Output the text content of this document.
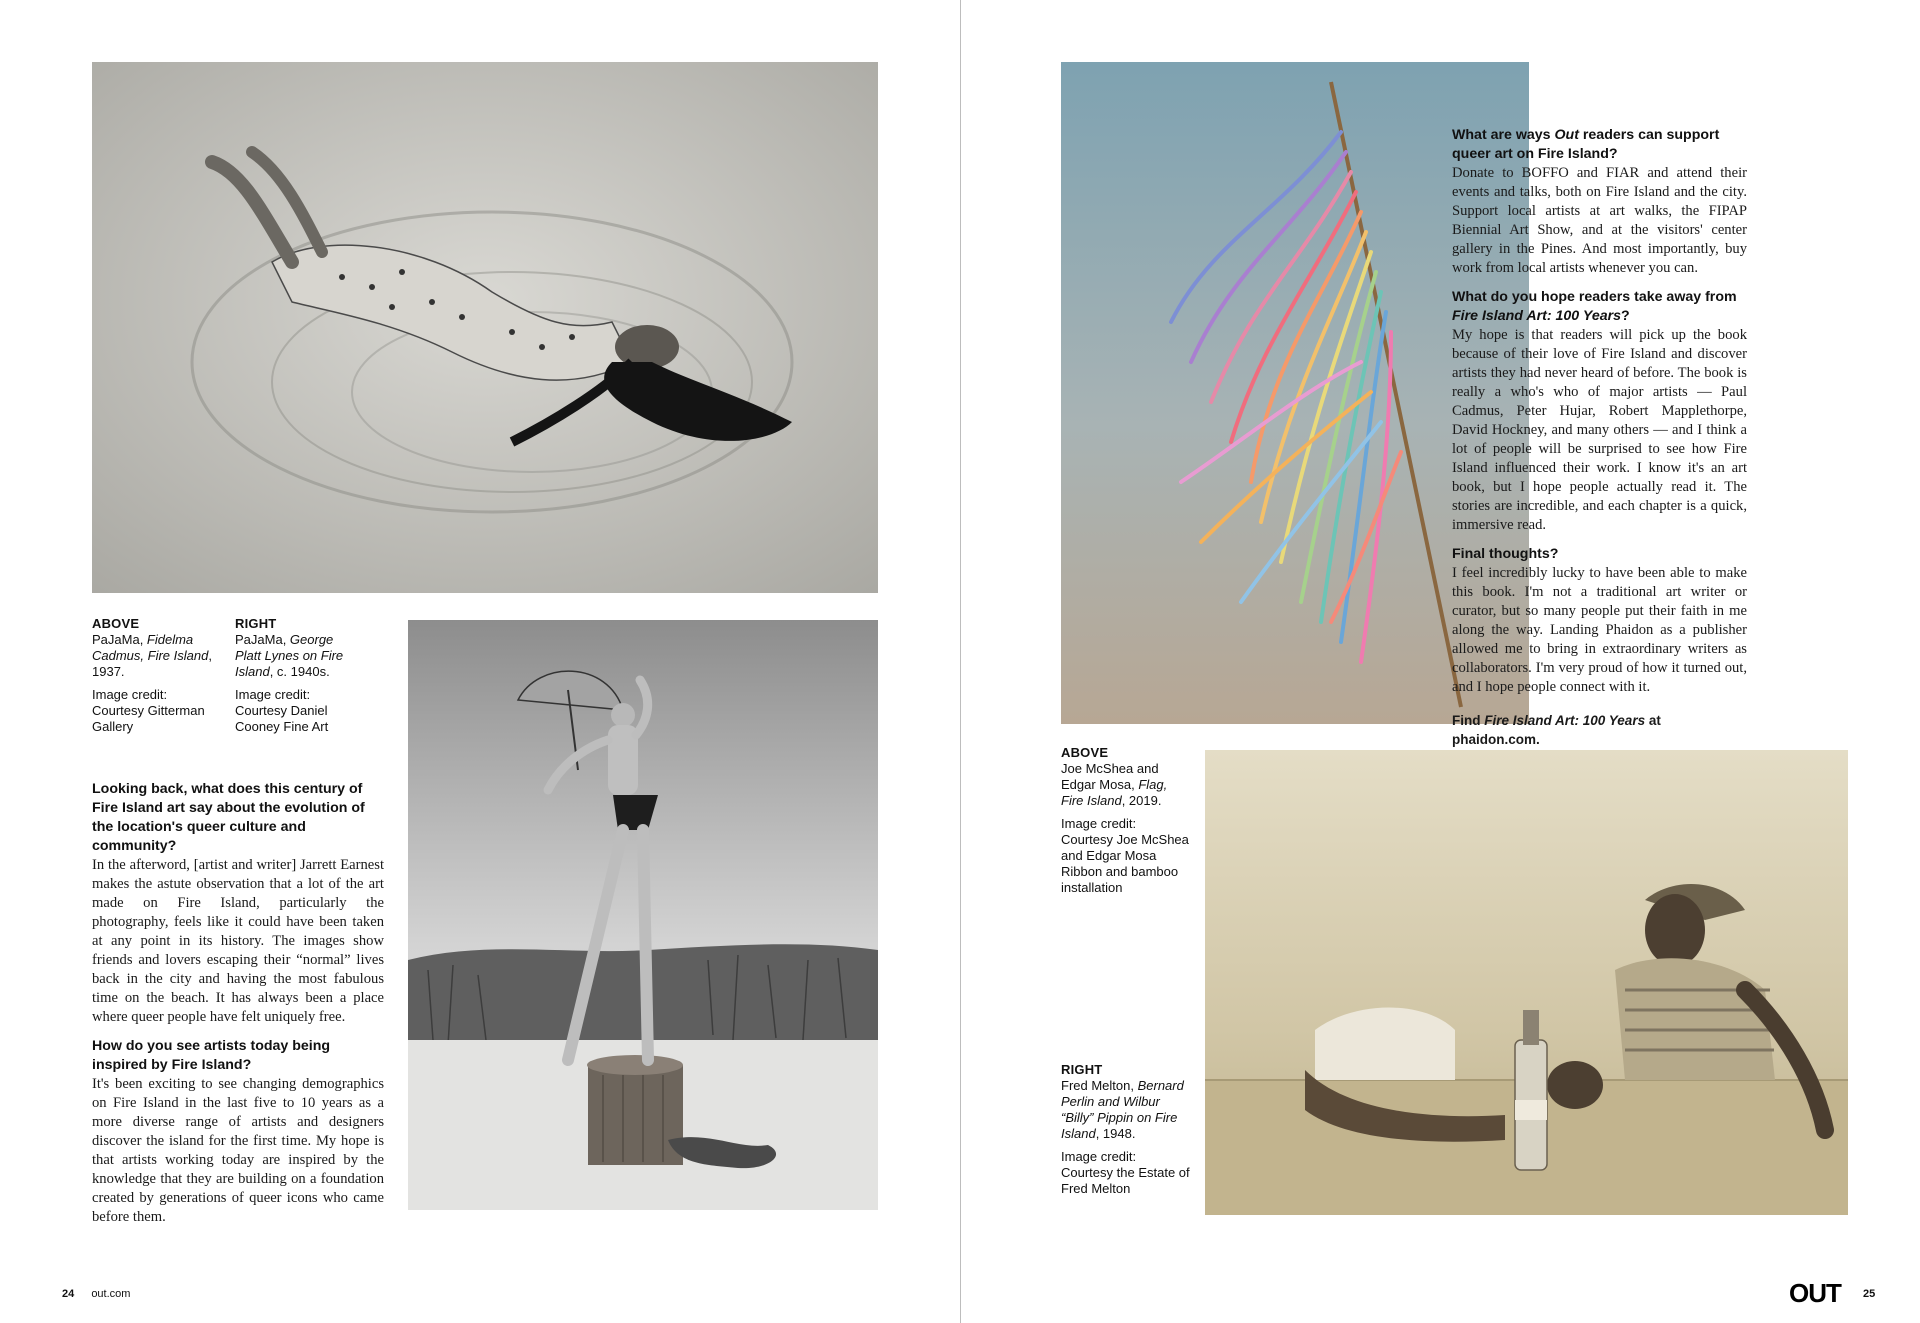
ABOVE
PaJaMa, Fidelma Cadmus, Fire Island, 1937.
Image credit:
Courtesy Gitterman Gallery
RIGHT
PaJaMa, George Platt Lynes on Fire Island, c. 1940s.
Image credit:
Courtesy Daniel Cooney Fine Art
Looking back, what does this century of Fire Island art say about the evolution of the location's queer culture and community?

In the afterword, [artist and writer] Jarrett Earnest makes the astute observation that a lot of the art made on Fire Island, particularly the photography, feels like it could have been taken at any point in its history. The images show friends and lovers escaping their “normal” lives back in the city and having the most fabulous time on the beach. It has always been a place where queer people have felt uniquely free.

How do you see artists today being inspired by Fire Island?

It's been exciting to see changing demographics on Fire Island in the last five to 10 years as a more diverse range of artists and designers discover the island for the first time. My hope is that artists working today are inspired by the knowledge that they are building on a foundation created by generations of queer icons who came before them.

24 out.com
What are ways Out readers can support queer art on Fire Island?

Donate to BOFFO and FIAR and attend their events and talks, both on Fire Island and the city. Support local artists at art walks, the FIPAP Biennial Art Show, and at the visitors' center gallery in the Pines. And most importantly, buy work from local artists whenever you can.

What do you hope readers take away from Fire Island Art: 100 Years?

My hope is that readers will pick up the book because of their love of Fire Island and discover artists they had never heard of before. The book is really a who's who of major artists — Paul Cadmus, Peter Hujar, Robert Mapplethorpe, David Hockney, and many others — and I think a lot of people will be surprised to see how Fire Island influenced their work. I know it's an art book, but I hope people actually read it. The stories are incredible, and each chapter is a quick, immersive read.

Final thoughts?

I feel incredibly lucky to have been able to make this book. I'm not a traditional art writer or curator, but so many people put their faith in me along the way. Landing Phaidon as a publisher allowed me to bring in extraordinary writers as collaborators. I'm very proud of how it turned out, and I hope people connect with it.

Find Fire Island Art: 100 Years at phaidon.com.
ABOVE
Joe McShea and Edgar Mosa, Flag, Fire Island, 2019.
Image credit:
Courtesy Joe McShea and Edgar Mosa
Ribbon and bamboo installation
RIGHT
Fred Melton, Bernard Perlin and Wilbur “Billy” Pippin on Fire Island, 1948.
Image credit:
Courtesy the Estate of Fred Melton
OUT 25
